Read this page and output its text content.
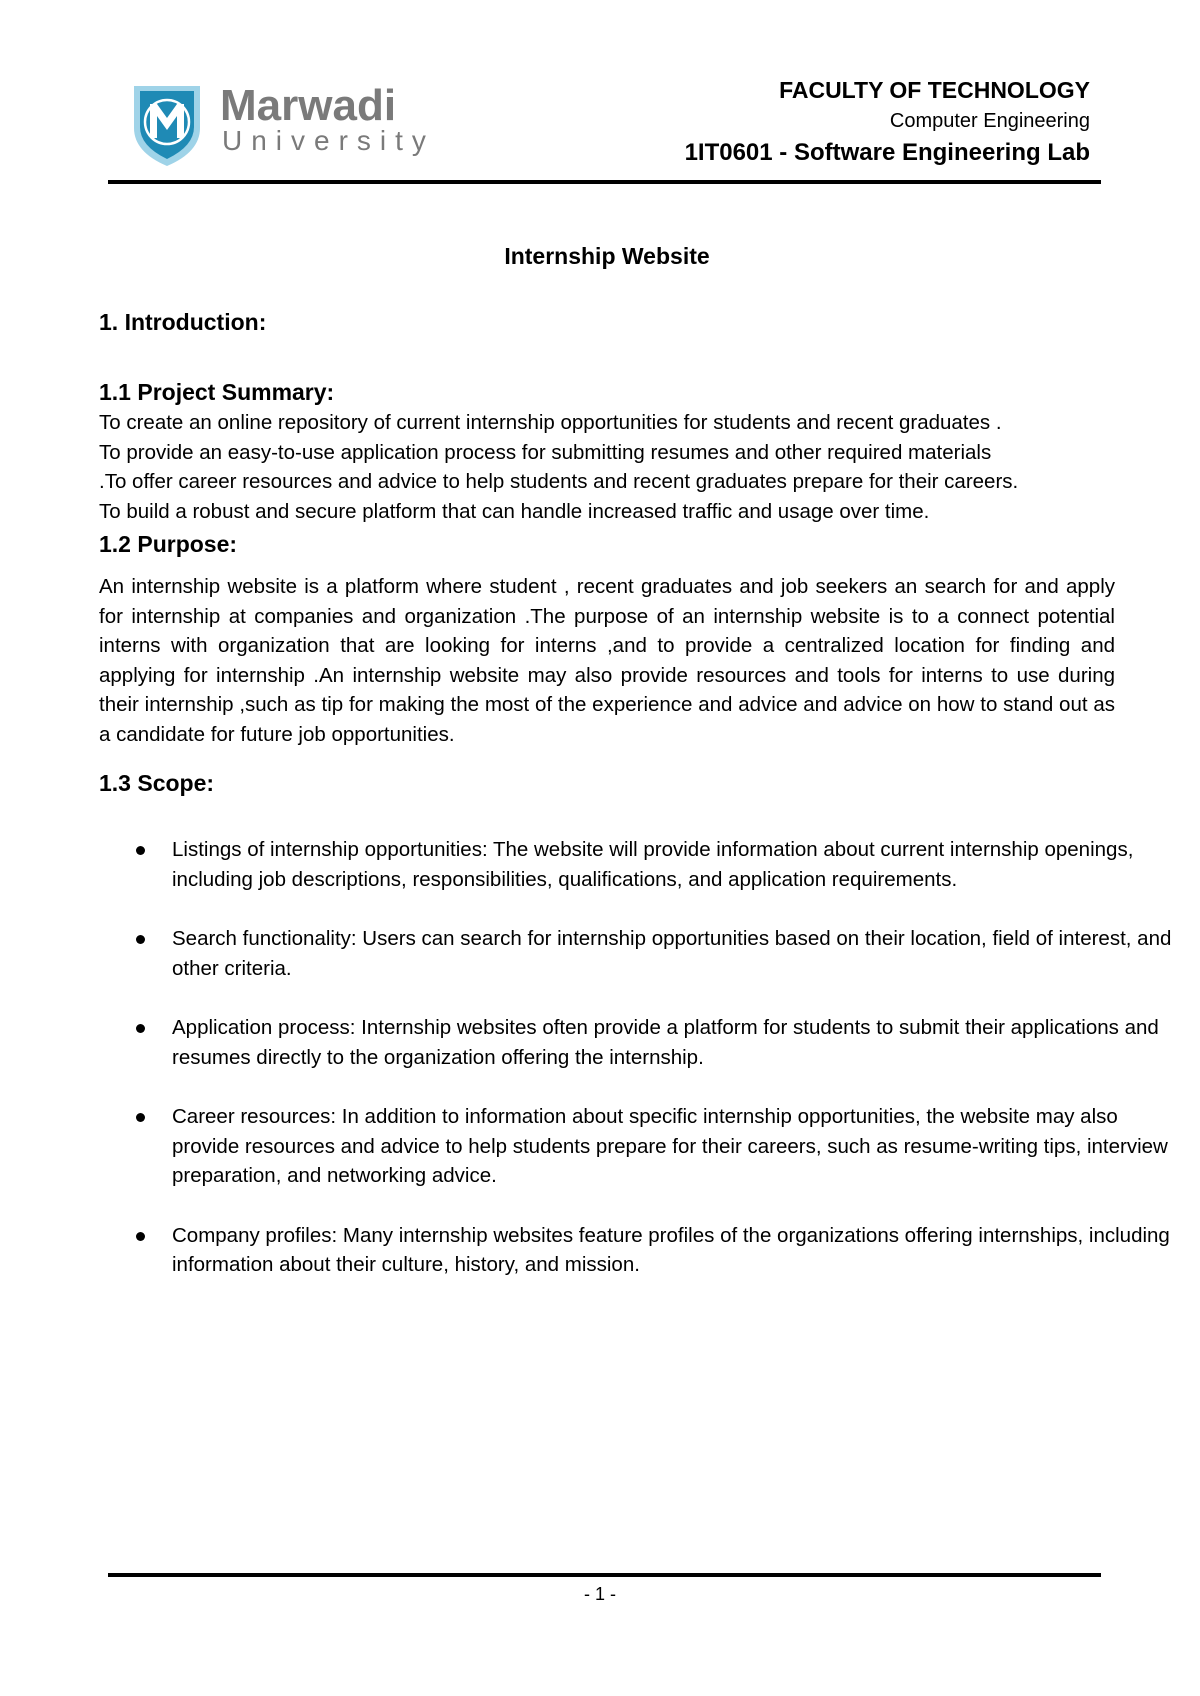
Marwadi
University
FACULTY OF TECHNOLOGY
Computer Engineering
1IT0601 - Software Engineering Lab
Internship Website
1. Introduction:
1.1 Project Summary:
To create an online repository of current internship opportunities for students and recent graduates .
To provide an easy-to-use application process for submitting resumes and other required materials
.To offer career resources and advice to help students and recent graduates prepare for their careers.
To build a robust and secure platform that can handle increased traffic and usage over time.
1.2 Purpose:

An internship website is a platform where student , recent graduates and job seekers an search for and apply for internship at companies and organization .The purpose of an internship website is to a connect potential interns with organization that are looking for interns ,and to provide a centralized location for finding and applying for internship .An internship website may also provide resources and tools for interns to use during their internship ,such as tip for making the most of the experience and advice and advice on how to stand out as a candidate for future job opportunities.

1.3 Scope:
Listings of internship opportunities: The website will provide information about current internship openings, including job descriptions, responsibilities, qualifications, and application requirements.
Search functionality: Users can search for internship opportunities based on their location, field of interest, and other criteria.
Application process: Internship websites often provide a platform for students to submit their applications and resumes directly to the organization offering the internship.
Career resources: In addition to information about specific internship opportunities, the website may also provide resources and advice to help students prepare for their careers, such as resume-writing tips, interview preparation, and networking advice.
Company profiles: Many internship websites feature profiles of the organizations offering internships, including information about their culture, history, and mission.
- 1 -
